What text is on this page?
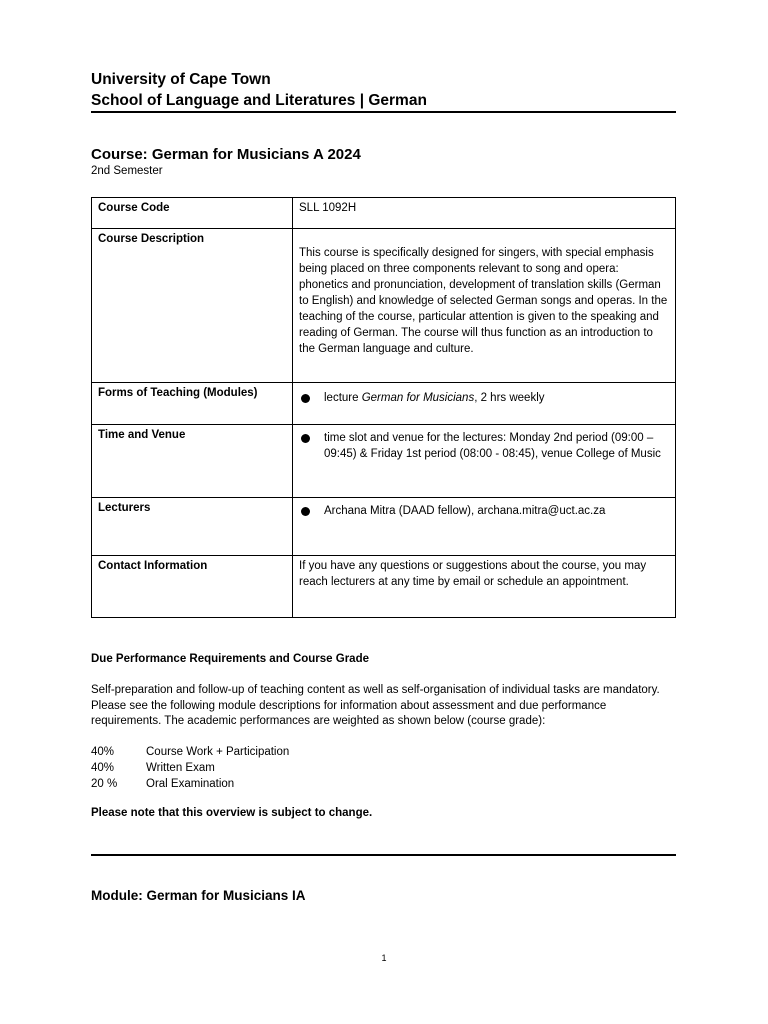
University of Cape Town
School of Language and Literatures | German
Course: German for Musicians A 2024
2nd Semester
Course Code	SLL 1092H
Course Description	This course is specifically designed for singers, with special emphasis being placed on three components relevant to song and opera: phonetics and pronunciation, development of translation skills (German to English) and knowledge of selected German songs and operas. In the teaching of the course, particular attention is given to the speaking and reading of German. The course will thus function as an introduction to the German language and culture.

Forms of Teaching (Modules)	lecture German for Musicians, 2 hrs weekly

Time and Venue	time slot and venue for the lectures: Monday 2nd period (09:00 – 09:45) & Friday 1st period (08:00 - 08:45), venue College of Music

Lecturers	Archana Mitra (DAAD fellow), archana.mitra@uct.ac.za

Contact Information	If you have any questions or suggestions about the course, you may reach lecturers at any time by email or schedule an appointment.
Due Performance Requirements and Course Grade
Self-preparation and follow-up of teaching content as well as self-organisation of individual tasks are mandatory. Please see the following module descriptions for information about assessment and due performance requirements. The academic performances are weighted as shown below (course grade):
40%	Course Work + Participation
40%	Written Exam
20 %	Oral Examination
Please note that this overview is subject to change.
Module: German for Musicians IA
1
